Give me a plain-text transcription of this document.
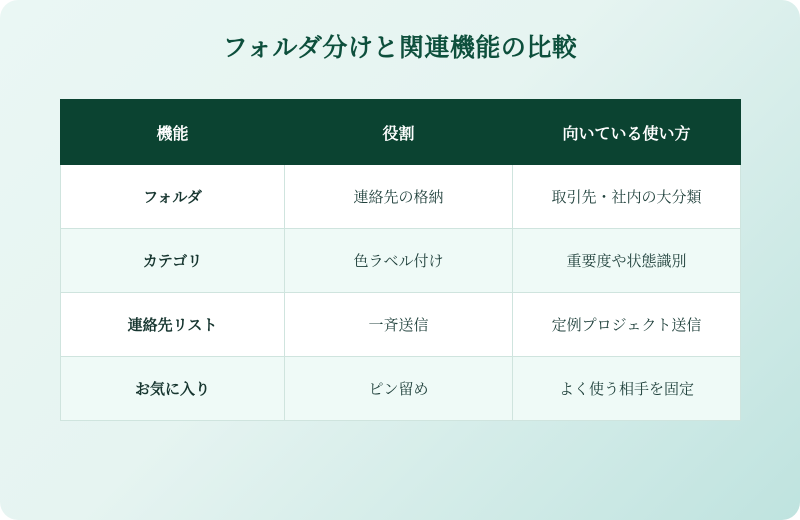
フォルダ分けと関連機能の比較
機能	役割	向いている使い方
フォルダ	連絡先の格納	取引先・社内の大分類
カテゴリ	色ラベル付け	重要度や状態識別
連絡先リスト	一斉送信	定例プロジェクト送信
お気に入り	ピン留め	よく使う相手を固定
